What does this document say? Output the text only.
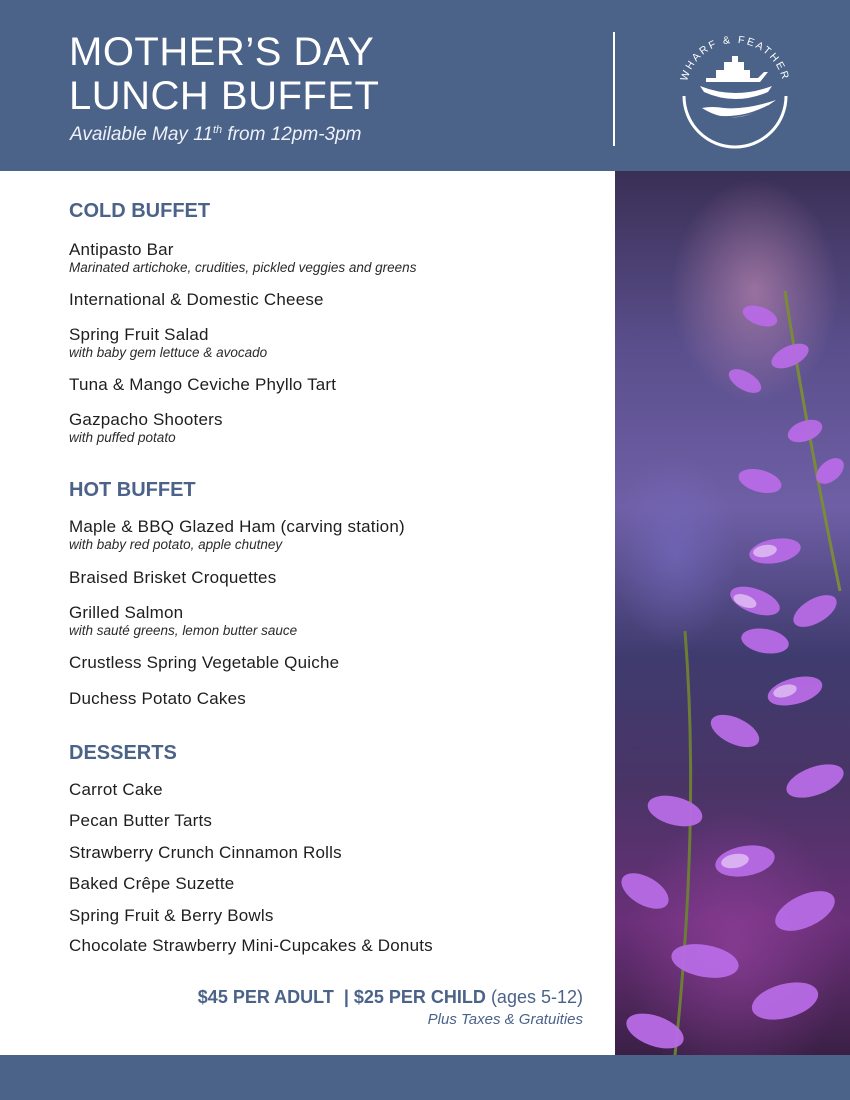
MOTHER’S DAY
LUNCH BUFFET
Available May 11th from 12pm-3pm
WHARF & FEATHER
COLD BUFFET
Antipasto Bar
Marinated artichoke, crudities, pickled veggies and greens
International & Domestic Cheese
Spring Fruit Salad
with baby gem lettuce & avocado
Tuna & Mango Ceviche Phyllo Tart
Gazpacho Shooters
with puffed potato
HOT BUFFET
Maple & BBQ Glazed Ham (carving station)
with baby red potato, apple chutney
Braised Brisket Croquettes
Grilled Salmon
with sauté greens, lemon butter sauce
Crustless Spring Vegetable Quiche
Duchess Potato Cakes
DESSERTS
Carrot Cake
Pecan Butter Tarts
Strawberry Crunch Cinnamon Rolls
Baked Crêpe Suzette
Spring Fruit & Berry Bowls
Chocolate Strawberry Mini-Cupcakes & Donuts
$45 PER ADULT  | $25 PER CHILD (ages 5-12)
Plus Taxes & Gratuities
